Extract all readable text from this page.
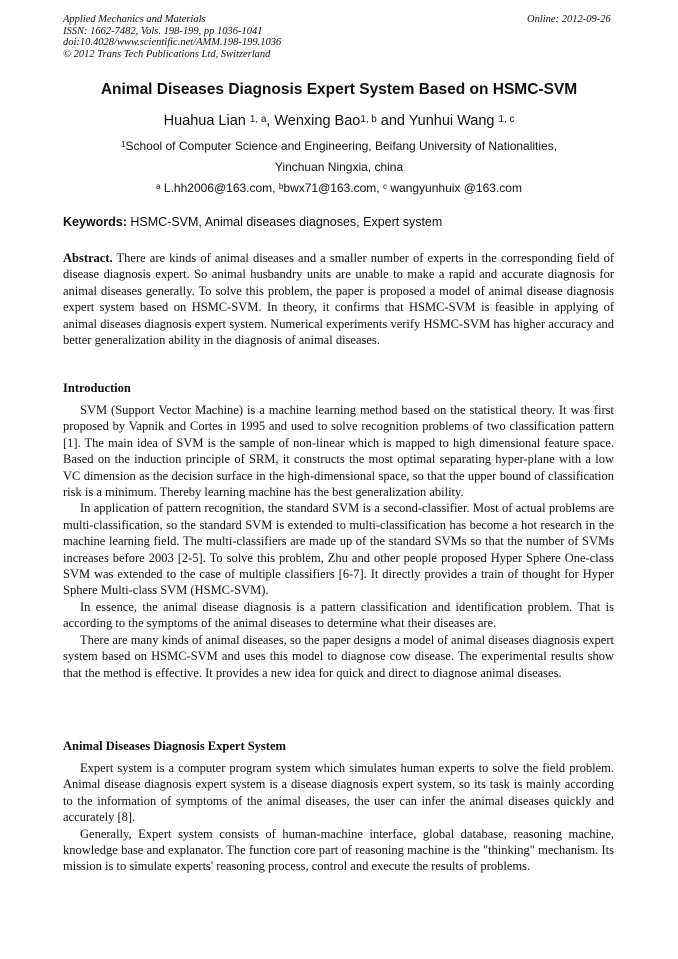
Applied Mechanics and Materials
ISSN: 1662-7482, Vols. 198-199, pp 1036-1041
doi:10.4028/www.scientific.net/AMM.198-199.1036
© 2012 Trans Tech Publications Ltd, Switzerland
Online: 2012-09-26
Animal Diseases Diagnosis Expert System Based on HSMC-SVM
Huahua Lian $^{1, a}$, Wenxing Bao$^{1, b}$ and Yunhui Wang $^{1, c}$
$^1$School of Computer Science and Engineering, Beifang University of Nationalities,
Yinchuan Ningxia, china
$^a$ L.hh2006@163.com, $^b$bwx71@163.com, $^c$ wangyunhuix @163.com
Keywords: HSMC-SVM, Animal diseases diagnoses, Expert system

Abstract. There are kinds of animal diseases and a smaller number of experts in the corresponding field of disease diagnosis expert. So animal husbandry units are unable to make a rapid and accurate diagnosis for animal diseases generally. To solve this problem, the paper is proposed a model of animal disease diagnosis expert system based on HSMC-SVM. In theory, it confirms that HSMC-SVM is feasible in applying of animal diseases diagnosis expert system. Numerical experiments verify HSMC-SVM has higher accuracy and better generalization ability in the diagnosis of animal diseases.

Introduction

SVM (Support Vector Machine) is a machine learning method based on the statistical theory. It was first proposed by Vapnik and Cortes in 1995 and used to solve recognition problems of two classification pattern [1]. The main idea of SVM is the sample of non-linear which is mapped to high dimensional feature space. Based on the induction principle of SRM, it constructs the most optimal separating hyper-plane with a low VC dimension as the decision surface in the high-dimensional space, so that the upper bound of classification risk is a minimum. Thereby learning machine has the best generalization ability.

In application of pattern recognition, the standard SVM is a second-classifier. Most of actual problems are multi-classification, so the standard SVM is extended to multi-classification has become a hot research in the machine learning field. The multi-classifiers are made up of the standard SVMs so that the number of SVMs increases before 2003 [2-5]. To solve this problem, Zhu and other people proposed Hyper Sphere One-class SVM was extended to the case of multiple classifiers [6-7]. It directly provides a train of thought for Hyper Sphere Multi-class SVM (HSMC-SVM).

In essence, the animal disease diagnosis is a pattern classification and identification problem. That is according to the symptoms of the animal diseases to determine what their diseases are.

There are many kinds of animal diseases, so the paper designs a model of animal diseases diagnosis expert system based on HSMC-SVM and uses this model to diagnose cow disease. The experimental results show that the method is effective. It provides a new idea for quick and direct to diagnose animal diseases.

Animal Diseases Diagnosis Expert System

Expert system is a computer program system which simulates human experts to solve the field problem. Animal disease diagnosis expert system is a disease diagnosis expert system, so its task is mainly according to the information of symptoms of the animal diseases, the user can infer the animal diseases quickly and accurately [8].

Generally, Expert system consists of human-machine interface, global database, reasoning machine, knowledge base and explanator. The function core part of reasoning machine is the "thinking" mechanism. Its mission is to simulate experts' reasoning process, control and execute the results of problems.
